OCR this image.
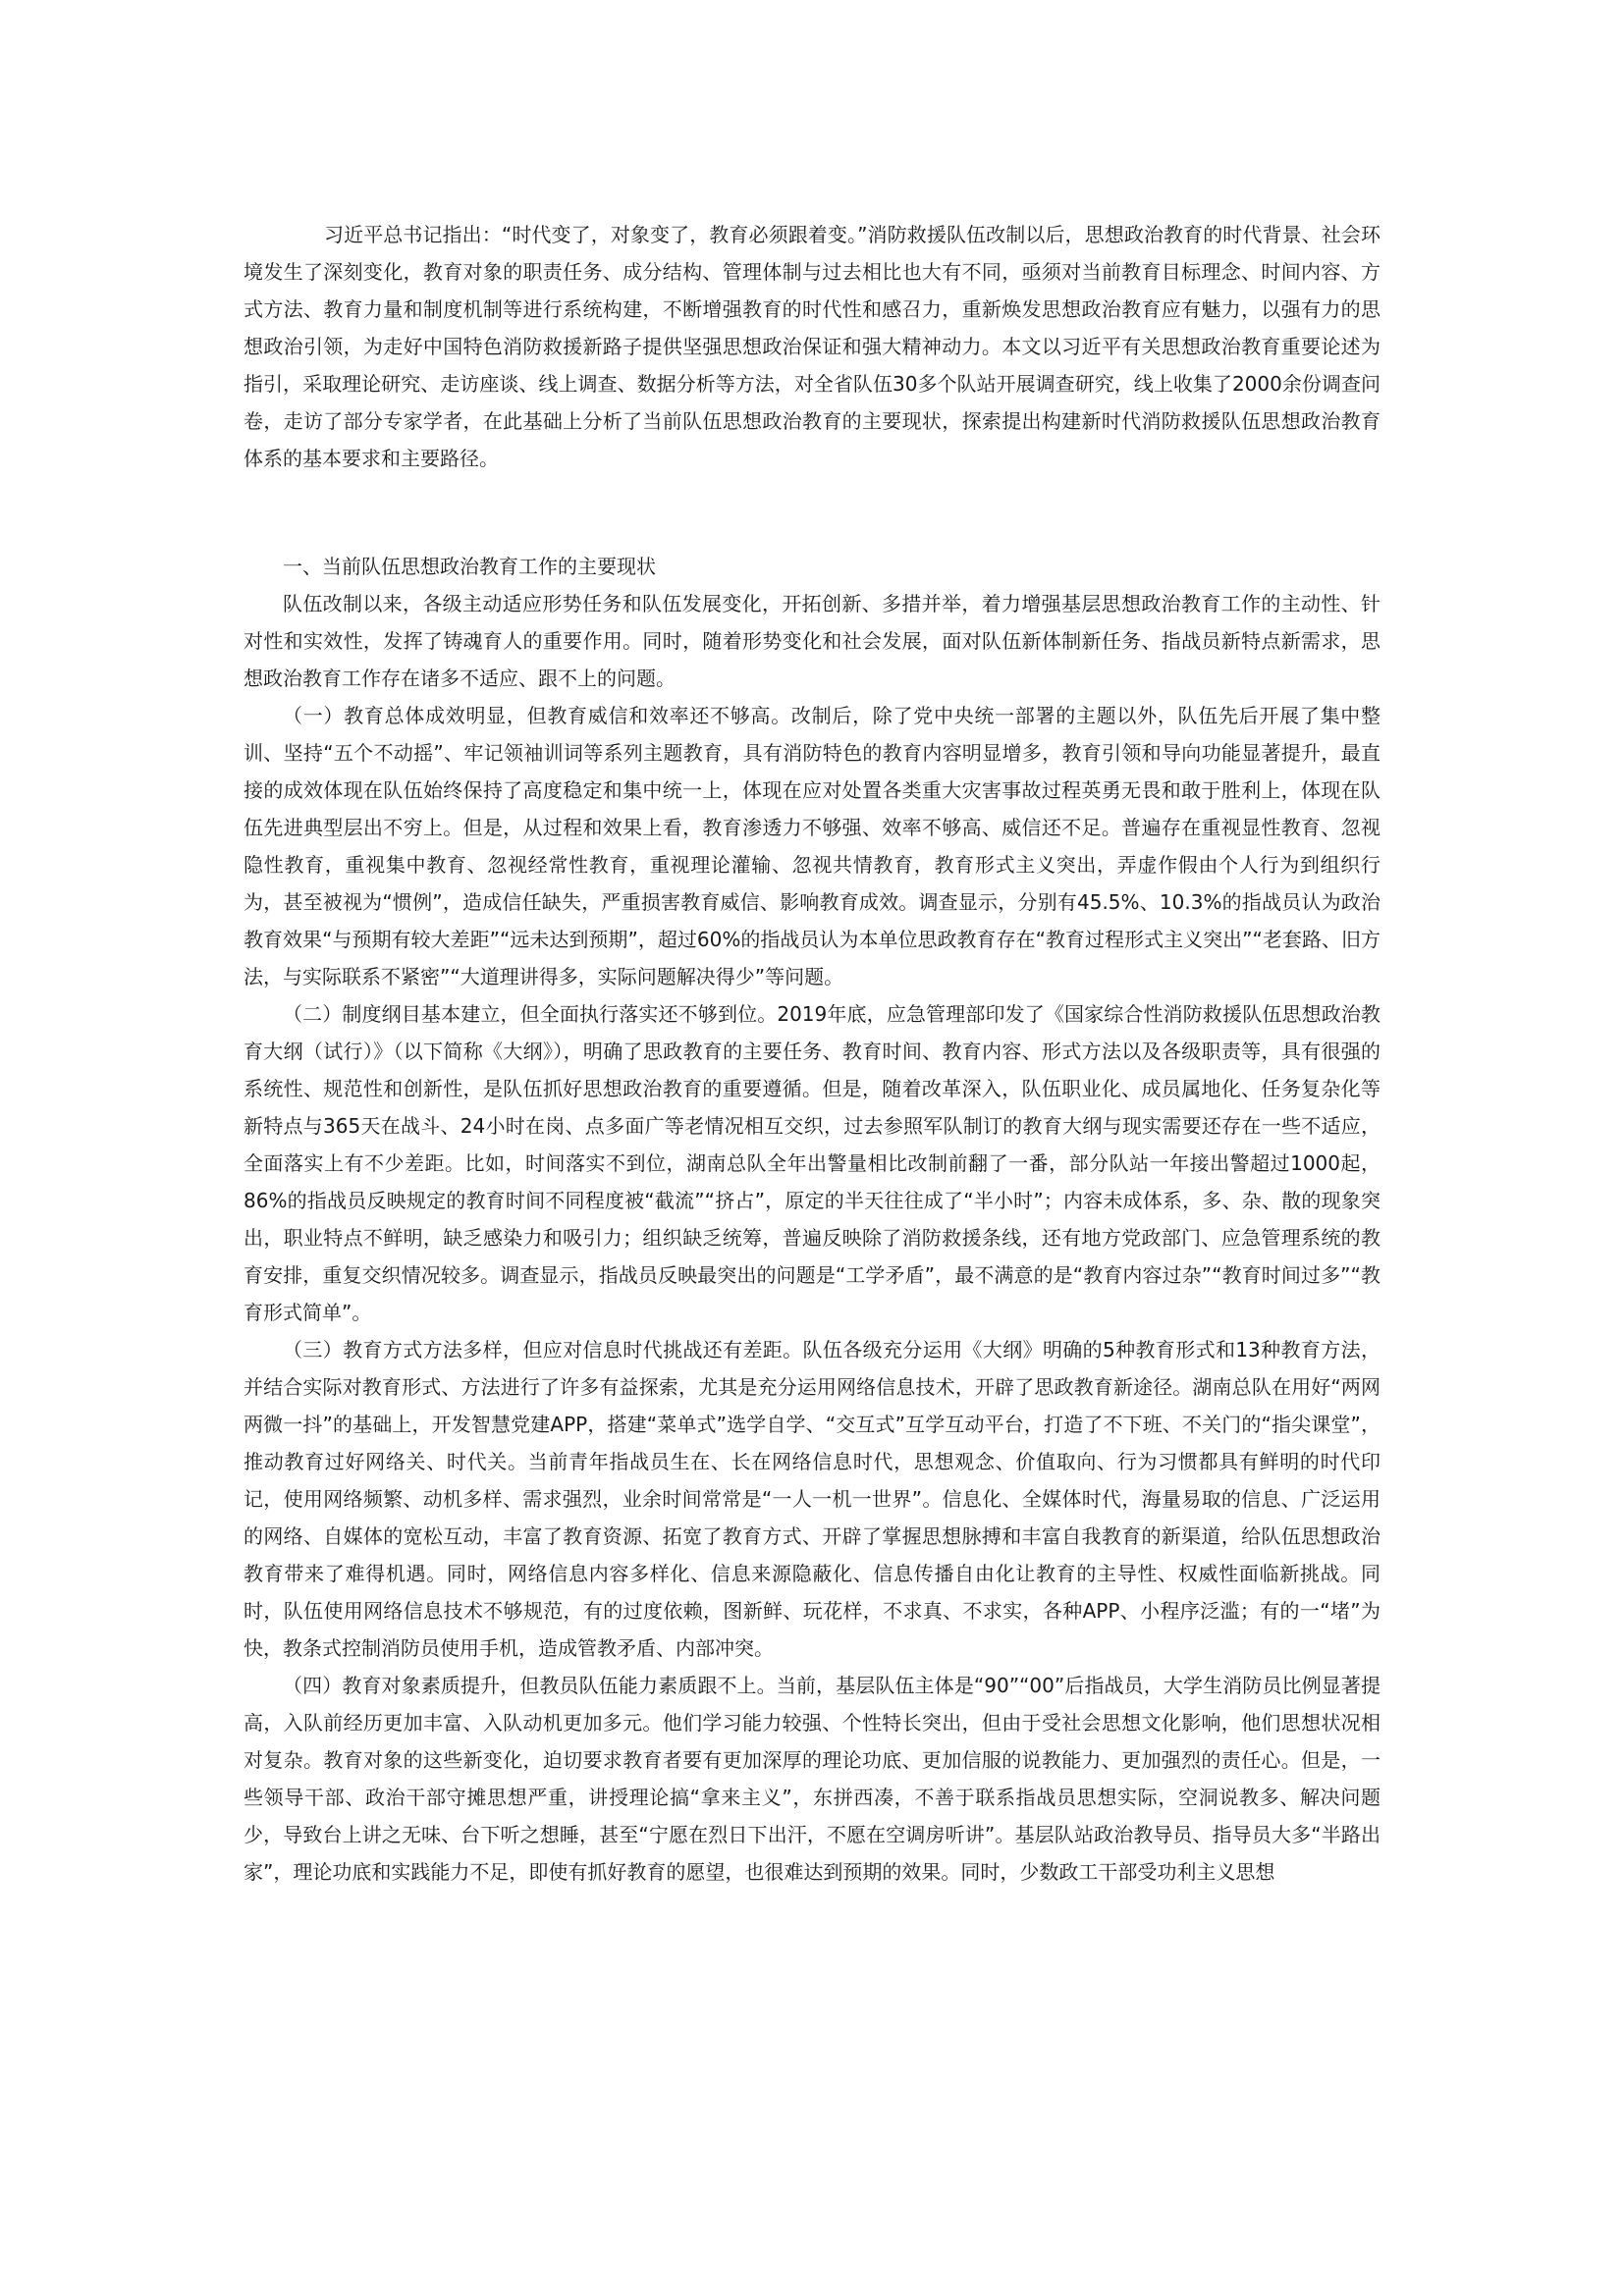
习近平总书记指出：“时代变了，对象变了，教育必须跟着变。”消防救援队伍改制以后，思想政治教育的时代背景、社会环境发生了深刻变化，教育对象的职责任务、成分结构、管理体制与过去相比也大有不同，亟须对当前教育目标理念、时间内容、方式方法、教育力量和制度机制等进行系统构建，不断增强教育的时代性和感召力，重新焕发思想政治教育应有魅力，以强有力的思想政治引领，为走好中国特色消防救援新路子提供坚强思想政治保证和强大精神动力。本文以习近平有关思想政治教育重要论述为指引，采取理论研究、走访座谈、线上调查、数据分析等方法，对全省队伍30多个队站开展调查研究，线上收集了2000余份调查问卷，走访了部分专家学者，在此基础上分析了当前队伍思想政治教育的主要现状，探索提出构建新时代消防救援队伍思想政治教育体系的基本要求和主要路径。

一、当前队伍思想政治教育工作的主要现状

队伍改制以来，各级主动适应形势任务和队伍发展变化，开拓创新、多措并举，着力增强基层思想政治教育工作的主动性、针对性和实效性，发挥了铸魂育人的重要作用。同时，随着形势变化和社会发展，面对队伍新体制新任务、指战员新特点新需求，思想政治教育工作存在诸多不适应、跟不上的问题。

（一）教育总体成效明显，但教育威信和效率还不够高。改制后，除了党中央统一部署的主题以外，队伍先后开展了集中整训、坚持“五个不动摇”、牢记领袖训词等系列主题教育，具有消防特色的教育内容明显增多，教育引领和导向功能显著提升，最直接的成效体现在队伍始终保持了高度稳定和集中统一上，体现在应对处置各类重大灾害事故过程英勇无畏和敢于胜利上，体现在队伍先进典型层出不穷上。但是，从过程和效果上看，教育渗透力不够强、效率不够高、威信还不足。普遍存在重视显性教育、忽视隐性教育，重视集中教育、忽视经常性教育，重视理论灌输、忽视共情教育，教育形式主义突出，弄虚作假由个人行为到组织行为，甚至被视为“惯例”，造成信任缺失，严重损害教育威信、影响教育成效。调查显示，分别有45.5%、10.3%的指战员认为政治教育效果“与预期有较大差距”“远未达到预期”，超过60%的指战员认为本单位思政教育存在“教育过程形式主义突出”“老套路、旧方法，与实际联系不紧密”“大道理讲得多，实际问题解决得少”等问题。

（二）制度纲目基本建立，但全面执行落实还不够到位。2019年底，应急管理部印发了《国家综合性消防救援队伍思想政治教育大纲（试行）》（以下简称《大纲》），明确了思政教育的主要任务、教育时间、教育内容、形式方法以及各级职责等，具有很强的系统性、规范性和创新性，是队伍抓好思想政治教育的重要遵循。但是，随着改革深入，队伍职业化、成员属地化、任务复杂化等新特点与365天在战斗、24小时在岗、点多面广等老情况相互交织，过去参照军队制订的教育大纲与现实需要还存在一些不适应，全面落实上有不少差距。比如，时间落实不到位，湖南总队全年出警量相比改制前翻了一番，部分队站一年接出警超过1000起，86%的指战员反映规定的教育时间不同程度被“截流”“挤占”，原定的半天往往成了“半小时”；内容未成体系，多、杂、散的现象突出，职业特点不鲜明，缺乏感染力和吸引力；组织缺乏统筹，普遍反映除了消防救援条线，还有地方党政部门、应急管理系统的教育安排，重复交织情况较多。调查显示，指战员反映最突出的问题是“工学矛盾”，最不满意的是“教育内容过杂”“教育时间过多”“教育形式简单”。

（三）教育方式方法多样，但应对信息时代挑战还有差距。队伍各级充分运用《大纲》明确的5种教育形式和13种教育方法，并结合实际对教育形式、方法进行了许多有益探索，尤其是充分运用网络信息技术，开辟了思政教育新途径。湖南总队在用好“两网两微一抖”的基础上，开发智慧党建APP，搭建“菜单式”选学自学、“交互式”互学互动平台，打造了不下班、不关门的“指尖课堂”，推动教育过好网络关、时代关。当前青年指战员生在、长在网络信息时代，思想观念、价值取向、行为习惯都具有鲜明的时代印记，使用网络频繁、动机多样、需求强烈，业余时间常常是“一人一机一世界”。信息化、全媒体时代，海量易取的信息、广泛运用的网络、自媒体的宽松互动，丰富了教育资源、拓宽了教育方式、开辟了掌握思想脉搏和丰富自我教育的新渠道，给队伍思想政治教育带来了难得机遇。同时，网络信息内容多样化、信息来源隐蔽化、信息传播自由化让教育的主导性、权威性面临新挑战。同时，队伍使用网络信息技术不够规范，有的过度依赖，图新鲜、玩花样，不求真、不求实，各种APP、小程序泛滥；有的一“堵”为快，教条式控制消防员使用手机，造成管教矛盾、内部冲突。

（四）教育对象素质提升，但教员队伍能力素质跟不上。当前，基层队伍主体是“90”“00”后指战员，大学生消防员比例显著提高，入队前经历更加丰富、入队动机更加多元。他们学习能力较强、个性特长突出，但由于受社会思想文化影响，他们思想状况相对复杂。教育对象的这些新变化，迫切要求教育者要有更加深厚的理论功底、更加信服的说教能力、更加强烈的责任心。但是，一些领导干部、政治干部守摊思想严重，讲授理论搞“拿来主义”，东拼西凑，不善于联系指战员思想实际，空洞说教多、解决问题少，导致台上讲之无味、台下听之想睡，甚至“宁愿在烈日下出汗，不愿在空调房听讲”。基层队站政治教导员、指导员大多“半路出家”，理论功底和实践能力不足，即使有抓好教育的愿望，也很难达到预期的效果。同时，少数政工干部受功利主义思想
